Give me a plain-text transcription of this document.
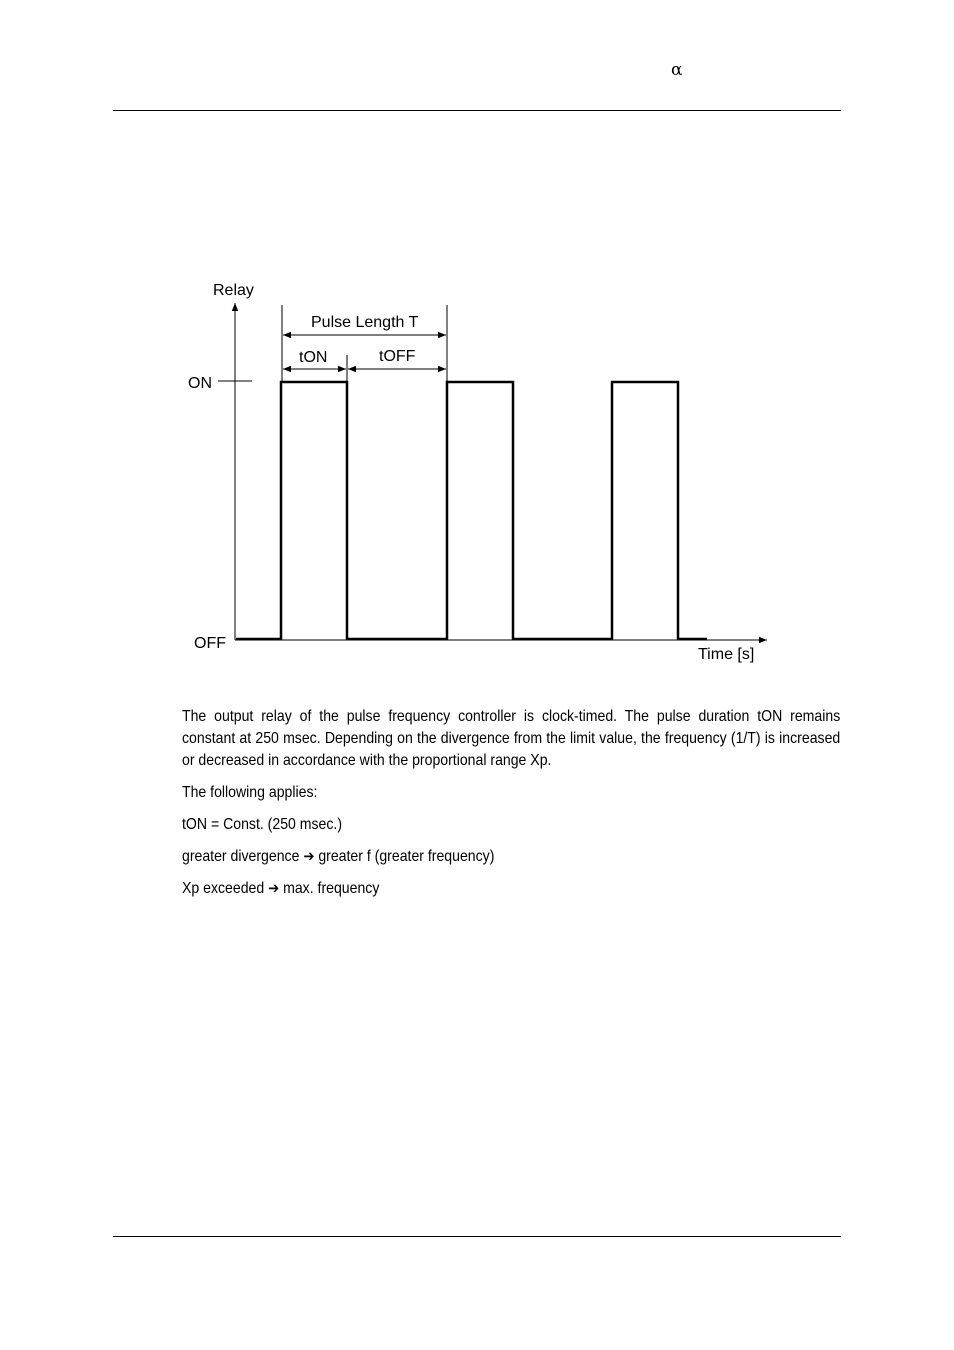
α
Relay
Pulse Length T
tON	tOFF
ON
OFF
Time [s]

The output relay of the pulse frequency controller is clock-timed. The pulse duration tON remains constant at 250 msec. Depending on the divergence from the limit value, the frequency (1/T) is increased or decreased in accordance with the proportional range Xp.

The following applies:

tON = Const. (250 msec.)

greater divergence ➔ greater f (greater frequency)

Xp exceeded ➔ max. frequency
